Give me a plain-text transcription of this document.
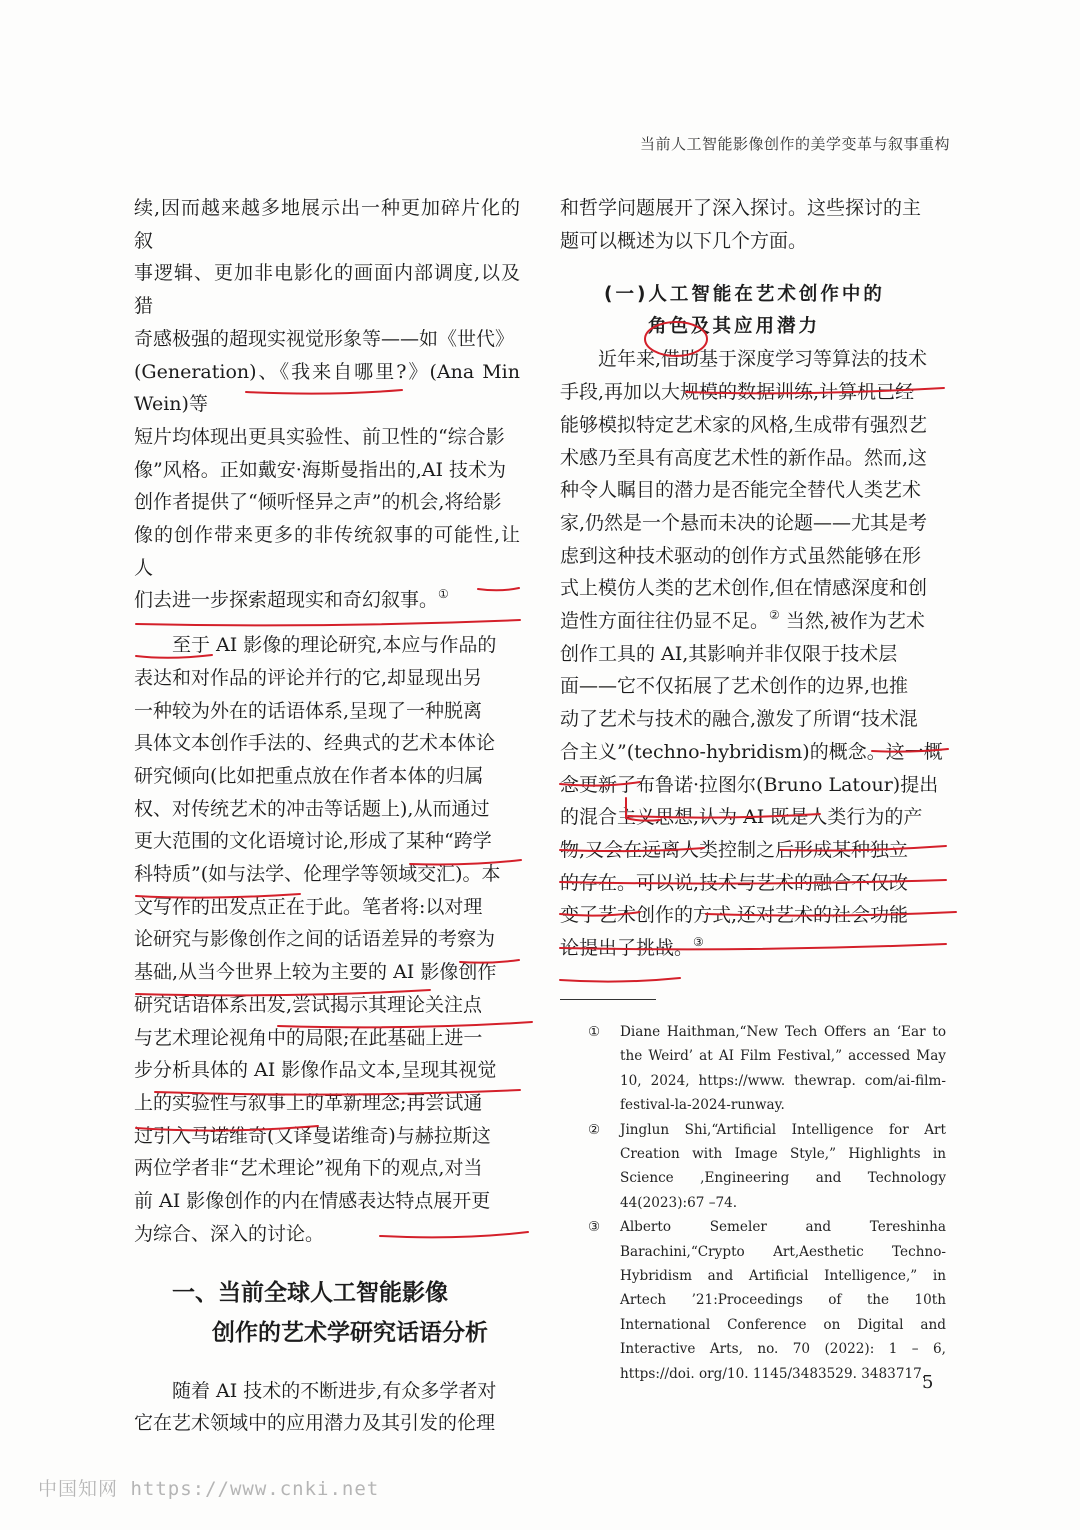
当前人工智能影像创作的美学变革与叙事重构

续,因而越来越多地展示出一种更加碎片化的叙
事逻辑、更加非电影化的画面内部调度,以及猎
奇感极强的超现实视觉形象等——如《世代》
(Generation)、《我来自哪里?》(Ana Min Wein)等
短片均体现出更具实验性、前卫性的“综合影
像”风格。正如戴安·海斯曼指出的,AI 技术为
创作者提供了“倾听怪异之声”的机会,将给影
像的创作带来更多的非传统叙事的可能性,让人
们去进一步探索超现实和奇幻叙事。①

至于 AI 影像的理论研究,本应与作品的
表达和对作品的评论并行的它,却显现出另
一种较为外在的话语体系,呈现了一种脱离
具体文本创作手法的、经典式的艺术本体论
研究倾向(比如把重点放在作者本体的归属
权、对传统艺术的冲击等话题上),从而通过
更大范围的文化语境讨论,形成了某种“跨学
科特质”(如与法学、伦理学等领域交汇)。本
文写作的出发点正在于此。笔者将:以对理
论研究与影像创作之间的话语差异的考察为
基础,从当今世界上较为主要的 AI 影像创作
研究话语体系出发,尝试揭示其理论关注点
与艺术理论视角中的局限;在此基础上进一
步分析具体的 AI 影像作品文本,呈现其视觉
上的实验性与叙事上的革新理念;再尝试通
过引入马诺维奇(又译曼诺维奇)与赫拉斯这
两位学者非“艺术理论”视角下的观点,对当
前 AI 影像创作的内在情感表达特点展开更
为综合、深入的讨论。

一、当前全球人工智能影像
创作的艺术学研究话语分析

随着 AI 技术的不断进步,有众多学者对
它在艺术领域中的应用潜力及其引发的伦理

和哲学问题展开了深入探讨。这些探讨的主
题可以概述为以下几个方面。

(一)人工智能在艺术创作中的
角色及其应用潜力

近年来,借助基于深度学习等算法的技术
手段,再加以大规模的数据训练,计算机已经
能够模拟特定艺术家的风格,生成带有强烈艺
术感乃至具有高度艺术性的新作品。然而,这
种令人瞩目的潜力是否能完全替代人类艺术
家,仍然是一个悬而未决的论题——尤其是考
虑到这种技术驱动的创作方式虽然能够在形
式上模仿人类的艺术创作,但在情感深度和创
造性方面往往仍显不足。② 当然,被作为艺术
创作工具的 AI,其影响并非仅限于技术层
面——它不仅拓展了艺术创作的边界,也推
动了艺术与技术的融合,激发了所谓“技术混
合主义”(techno-hybridism)的概念。这一概
念更新了布鲁诺·拉图尔(Bruno Latour)提出
的混合主义思想,认为 AI 既是人类行为的产
物,又会在远离人类控制之后形成某种独立
的存在。可以说,技术与艺术的融合不仅改
变了艺术创作的方式,还对艺术的社会功能
论提出了挑战。③

① Diane Haithman,“New Tech Offers an ‘Ear to the Weird’ at AI Film Festival,” accessed May 10, 2024, https://www. thewrap. com/ai-film-festival-la-2024-runway.

② Jinglun Shi,“Artificial Intelligence for Art Creation with Image Style,” Highlights in Science ,Engineering and Technology 44(2023):67 –74.

③ Alberto Semeler and Tereshinha Barachini,“Crypto Art,Aesthetic Techno-Hybridism and Artificial Intelligence,” in Artech ’21:Proceedings of the 10th International Conference on Digital and Interactive Arts, no. 70 (2022): 1 – 6, https://doi. org/10. 1145/3483529. 3483717.

5
中国知网 https://www.cnki.net
